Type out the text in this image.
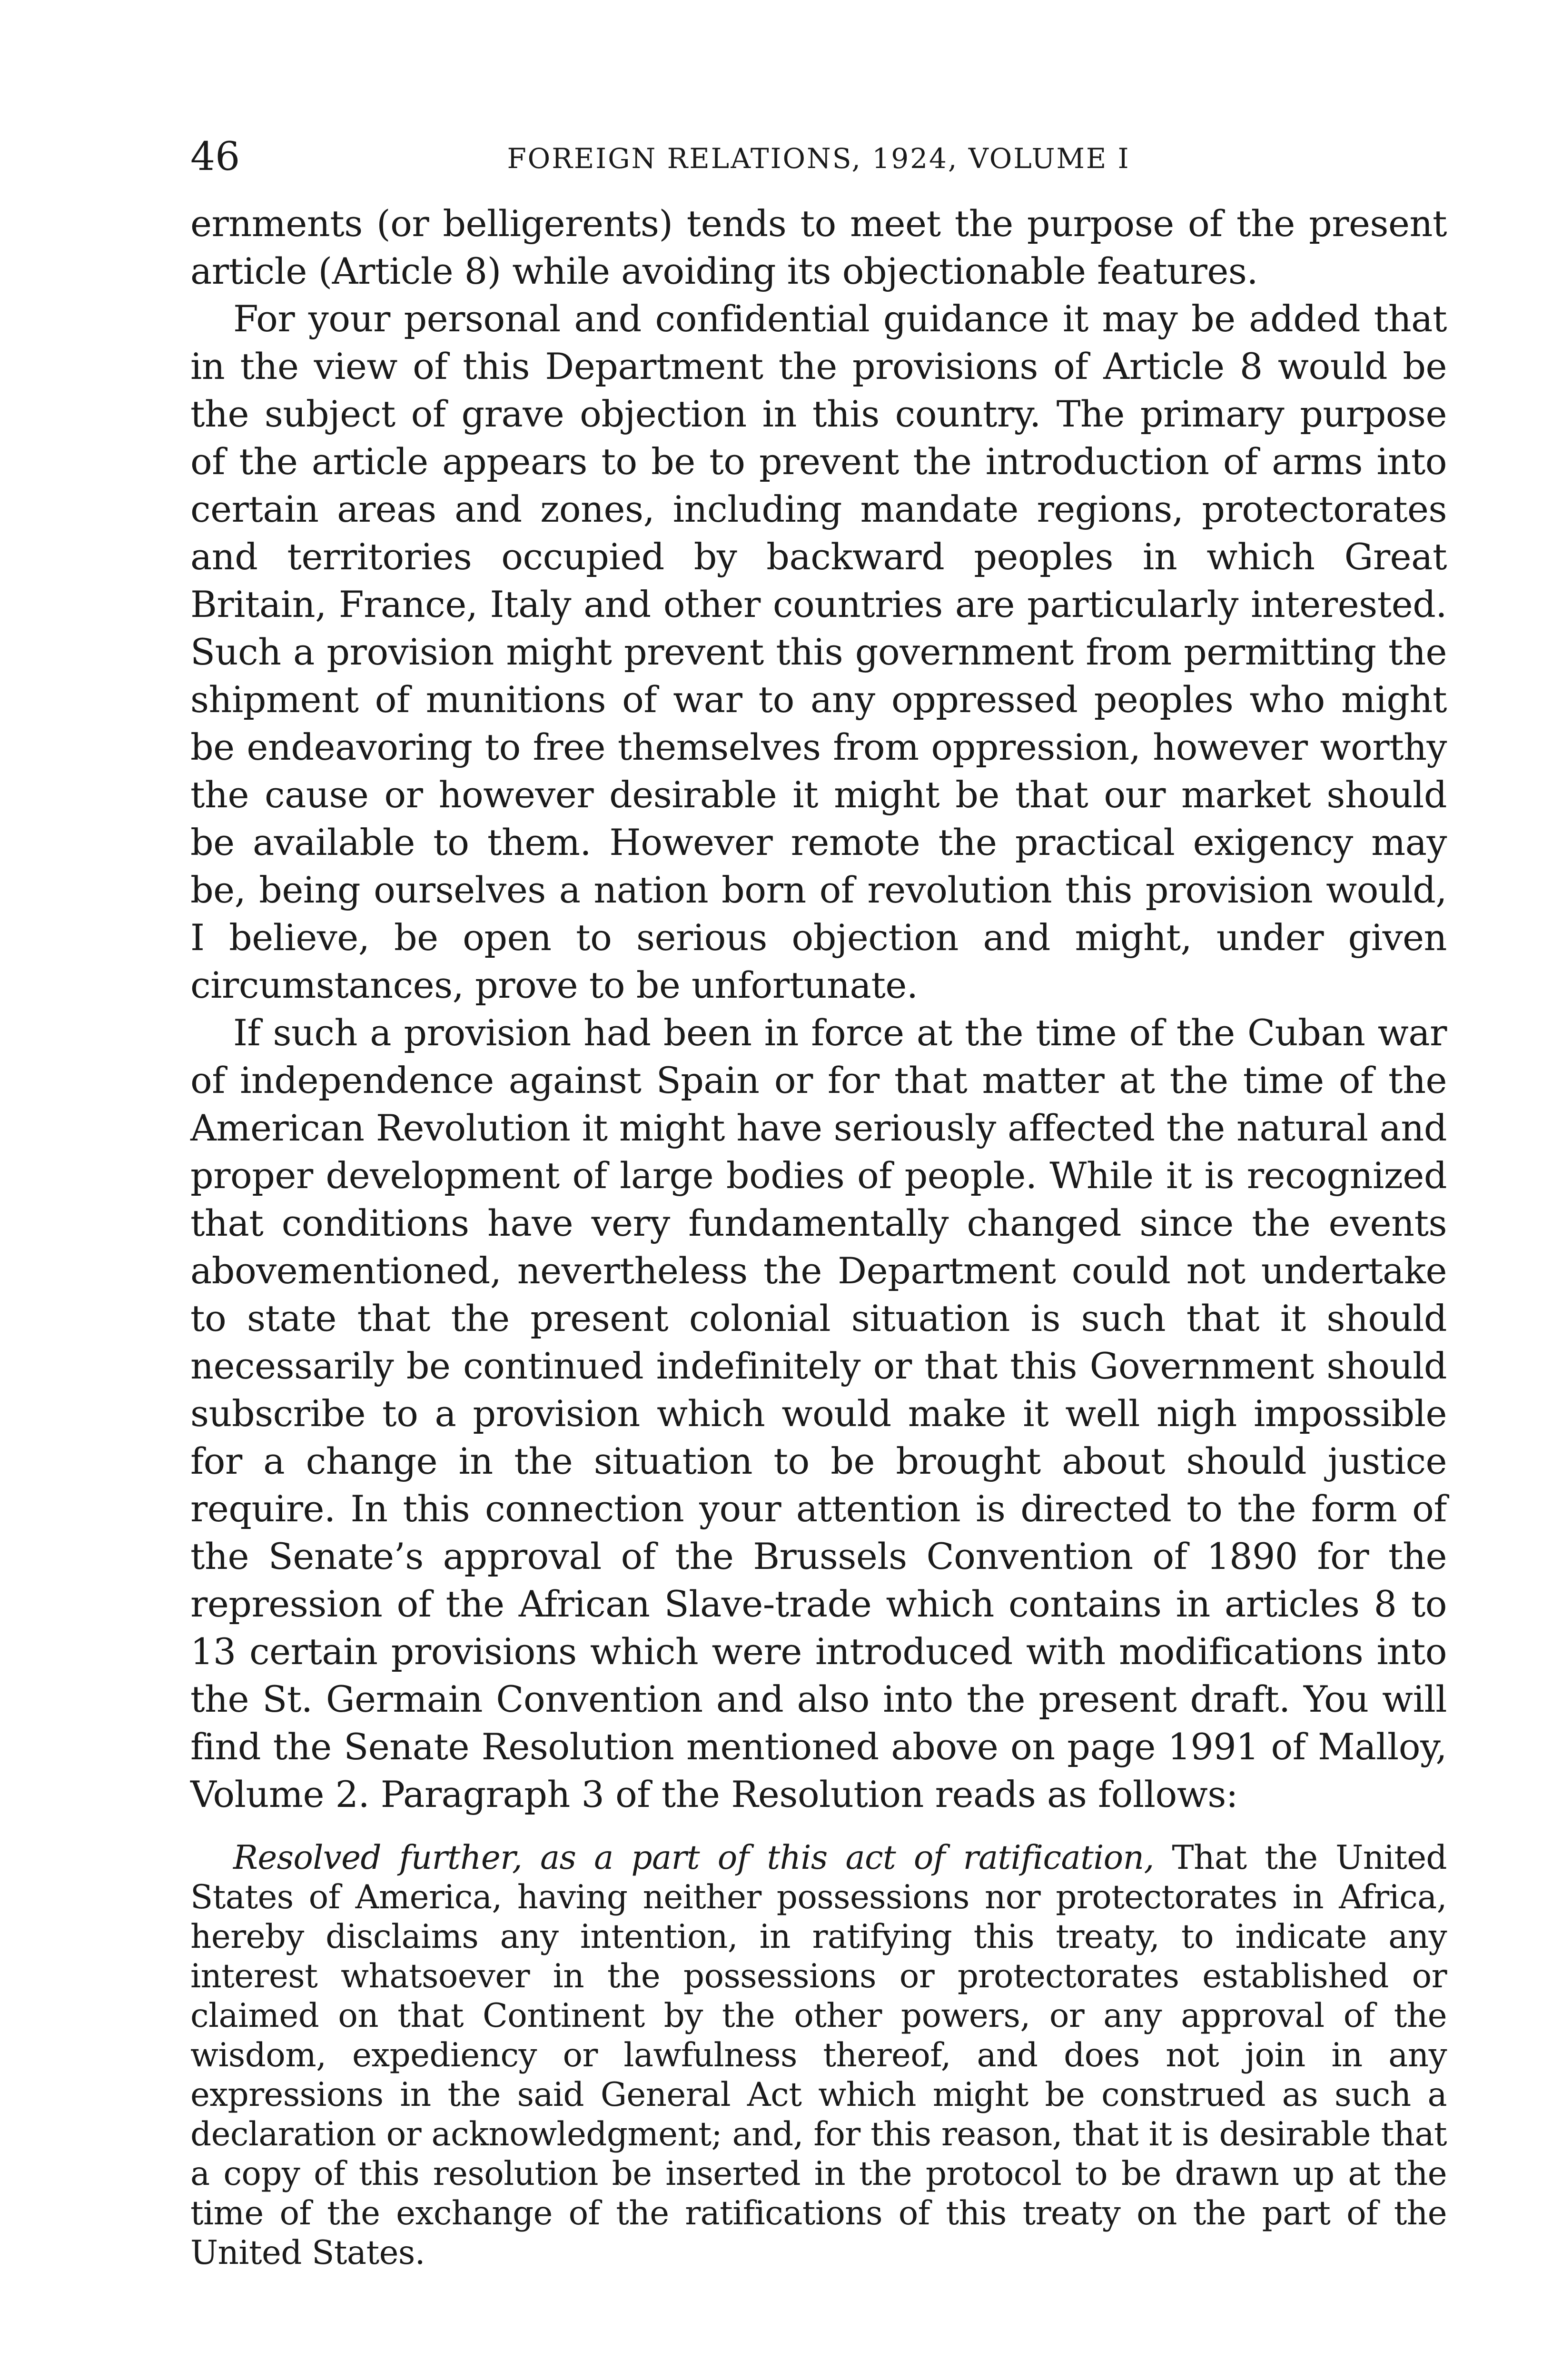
46	FOREIGN RELATIONS, 1924, VOLUME I

ernments (or belligerents) tends to meet the purpose of the present article (Article 8) while avoiding its objectionable features.

For your personal and confidential guidance it may be added that in the view of this Department the provisions of Article 8 would be the subject of grave objection in this country. The primary purpose of the article appears to be to prevent the introduction of arms into certain areas and zones, including mandate regions, protectorates and territories occupied by backward peoples in which Great Britain, France, Italy and other countries are particularly interested. Such a provision might prevent this government from permitting the shipment of munitions of war to any oppressed peoples who might be endeavoring to free themselves from oppression, however worthy the cause or however desirable it might be that our market should be available to them. However remote the practical exigency may be, being ourselves a nation born of revolution this provision would, I believe, be open to serious objection and might, under given circumstances, prove to be unfortunate.

If such a provision had been in force at the time of the Cuban war of independence against Spain or for that matter at the time of the American Revolution it might have seriously affected the natural and proper development of large bodies of people. While it is recognized that conditions have very fundamentally changed since the events abovementioned, nevertheless the Department could not undertake to state that the present colonial situation is such that it should necessarily be continued indefinitely or that this Government should subscribe to a provision which would make it well nigh impossible for a change in the situation to be brought about should justice require. In this connection your attention is directed to the form of the Senate’s approval of the Brussels Convention of 1890 for the repression of the African Slave-trade which contains in articles 8 to 13 certain provisions which were introduced with modifications into the St. Germain Convention and also into the present draft. You will find the Senate Resolution mentioned above on page 1991 of Malloy, Volume 2. Paragraph 3 of the Resolution reads as follows:

Resolved further, as a part of this act of ratification, That the United States of America, having neither possessions nor protectorates in Africa, hereby disclaims any intention, in ratifying this treaty, to indicate any interest whatsoever in the possessions or protectorates established or claimed on that Continent by the other powers, or any approval of the wisdom, expediency or lawfulness thereof, and does not join in any expressions in the said General Act which might be construed as such a declaration or acknowledgment; and, for this reason, that it is desirable that a copy of this resolution be inserted in the protocol to be drawn up at the time of the exchange of the ratifications of this treaty on the part of the United States.
